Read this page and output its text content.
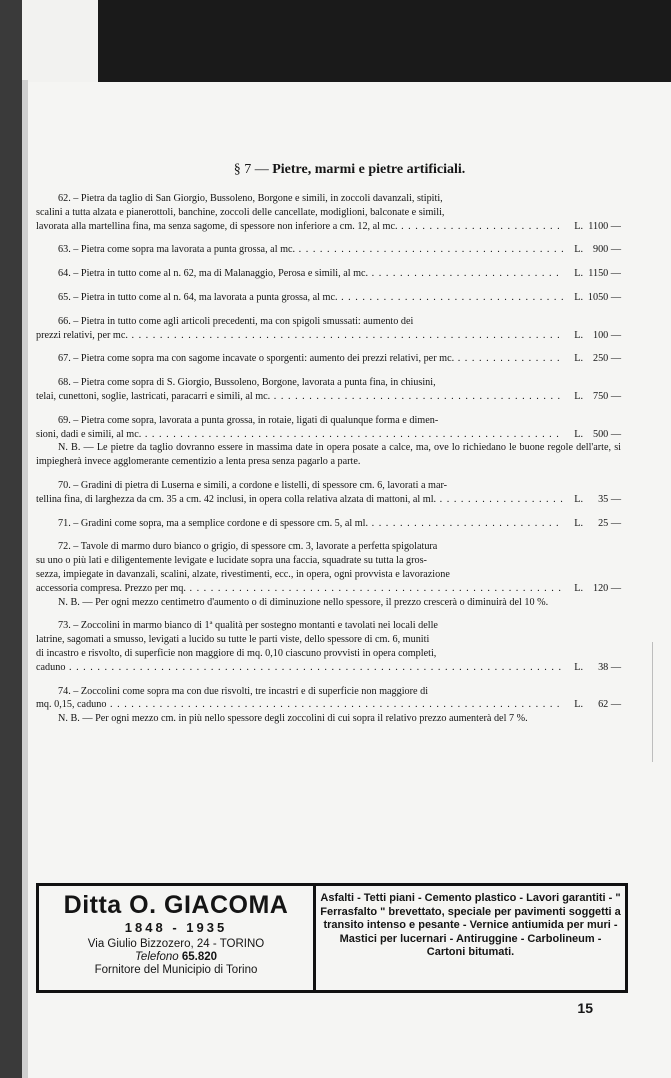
§ 7 — Pietre, marmi e pietre artificiali.
62. – Pietra da taglio di San Giorgio, Bussoleno, Borgone e simili, in zoccoli davanzali, stipiti,
scalini a tutta alzata e pianerottoli, banchine, zoccoli delle cancellate, modiglioni, balconate e simili,
lavorata alla martellina fina, ma senza sagome, di spessore non inferiore a cm. 12, al mc. . . .	L. 1100 —
63. – Pietra come sopra ma lavorata a punta grossa, al mc. . . .	L. 900 —
64. – Pietra in tutto come al n. 62, ma di Malanaggio, Perosa e simili, al mc. . . .	L. 1150 —
65. – Pietra in tutto come al n. 64, ma lavorata a punta grossa, al mc. . . .	L. 1050 —
66. – Pietra in tutto come agli articoli precedenti, ma con spigoli smussati: aumento dei
prezzi relativi, per mc. . . .	L. 100 —
67. – Pietra come sopra ma con sagome incavate o sporgenti: aumento dei prezzi relativi, per mc. . . .	L. 250 —
68. – Pietra come sopra di S. Giorgio, Bussoleno, Borgone, lavorata a punta fina, in chiusini,
telai, cunettoni, soglie, lastricati, paracarri e simili, al mc. . . .	L. 750 —
69. – Pietra come sopra, lavorata a punta grossa, in rotaie, ligati di qualunque forma e dimen-
sioni, dadi e simili, al mc. . . .	L. 500 —
N. B. — Le pietre da taglio dovranno essere in massima date in opera posate a calce, ma, ove lo richiedano le buone regole dell'arte, si impiegherà invece agglomerante cementizio a lenta presa senza pagarlo a parte.
70. – Gradini di pietra di Luserna e simili, a cordone e listelli, di spessore cm. 6, lavorati a mar-
tellina fina, di larghezza da cm. 35 a cm. 42 inclusi, in opera colla relativa alzata di mattoni, al ml. . . .	L.	35 —
71. – Gradini come sopra, ma a semplice cordone e di spessore cm. 5, al ml. . . .	L.	25 —
72. – Tavole di marmo duro bianco o grigio, di spessore cm. 3, lavorate a perfetta spigolatura
su uno o più lati e diligentemente levigate e lucidate sopra una faccia, squadrate su tutta la gros-
sezza, impiegate in davanzali, scalini, alzate, rivestimenti, ecc., in opera, ogni provvista e lavorazione
accessoria compresa. Prezzo per mq. . . .	L. 120 —
N. B. — Per ogni mezzo centimetro d'aumento o di diminuzione nello spessore, il prezzo crescerà o diminuirà del 10 %.
73. – Zoccolini in marmo bianco di 1ª qualità per sostegno montanti e tavolati nei locali delle
latrine, sagomati a smusso, levigati a lucido su tutte le parti viste, dello spessore di cm. 6, muniti
di incastro e risvolto, di superficie non maggiore di mq. 0,10 ciascuno provvisti in opera completi,
caduno . . .	L.	38 —
74. – Zoccolini come sopra ma con due risvolti, tre incastri e di superficie non maggiore di
mq. 0,15, caduno . . .	L.	62 —
N. B. — Per ogni mezzo cm. in più nello spessore degli zoccolini di cui sopra il relativo prezzo aumenterà del 7 %.
Ditta O. GIACOMA
1848 - 1935
Via Giulio Bizzozero, 24 - TORINO
Telefono 65.820
Fornitore del Municipio di Torino
Asfalti - Tetti piani - Cemento plastico - Lavori garantiti - " Ferrasfalto " brevettato, speciale per pavimenti soggetti a transito intenso e pesante - Vernice antiumida per muri - Mastici per lucernari - Antiruggine - Carbolineum - Cartoni bitumati.
15
